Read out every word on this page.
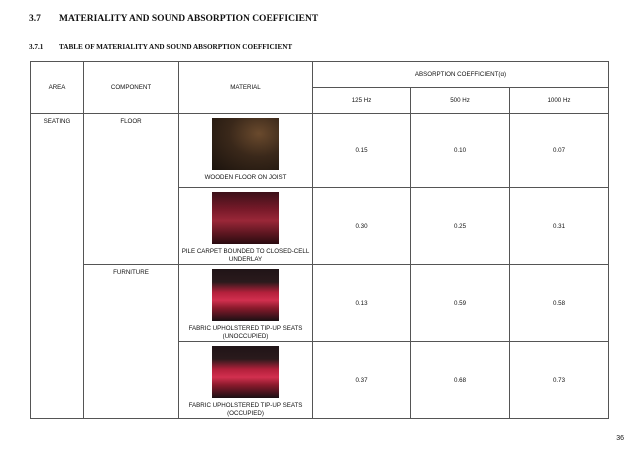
3.7 MATERIALITY AND SOUND ABSORPTION COEFFICIENT
3.7.1 TABLE OF MATERIALITY AND SOUND ABSORPTION COEFFICIENT
AREA	COMPONENT	MATERIAL	ABSORPTION COEFFICIENT(α)		
			125 Hz	500 Hz	1000 Hz
SEATING	FLOOR	WOODEN FLOOR ON JOIST	0.15	0.10	0.07

		PILE CARPET BOUNDED TO CLOSED-CELL UNDERLAY	0.30	0.25	0.31
	FURNITURE	FABRIC UPHOLSTERED TIP-UP SEATS (UNOCCUPIED)	0.13	0.59	0.58

		FABRIC UPHOLSTERED TIP-UP SEATS (OCCUPIED)	0.37	0.68	0.73
36
